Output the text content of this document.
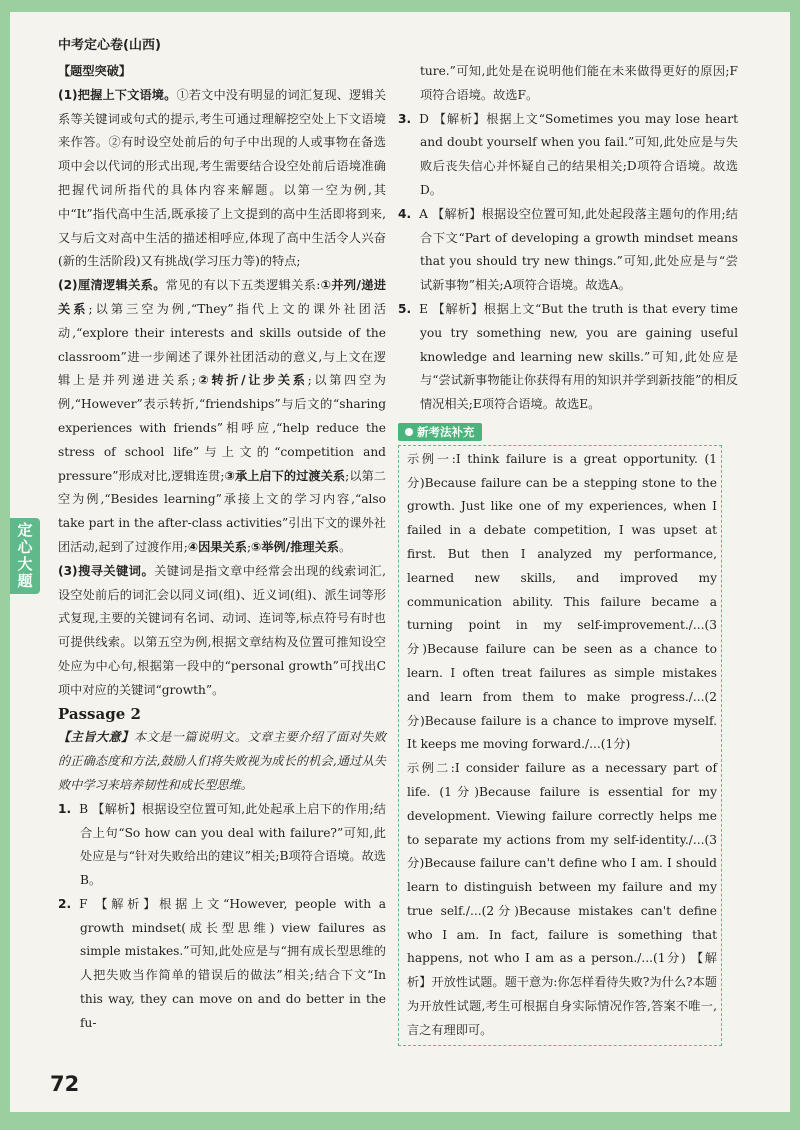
定心大题
中考定心卷(山西)

【题型突破】

(1)把握上下文语境。①若文中没有明显的词汇复现、逻辑关系等关键词或句式的提示,考生可通过理解挖空处上下文语境来作答。②有时设空处前后的句子中出现的人或事物在备选项中会以代词的形式出现,考生需要结合设空处前后语境准确把握代词所指代的具体内容来解题。以第一空为例,其中“It”指代高中生活,既承接了上文提到的高中生活即将到来,又与后文对高中生活的描述相呼应,体现了高中生活令人兴奋(新的生活阶段)又有挑战(学习压力等)的特点;

(2)厘清逻辑关系。常见的有以下五类逻辑关系:①并列/递进关系;以第三空为例,“They”指代上文的课外社团活动,“explore their interests and skills outside of the classroom”进一步阐述了课外社团活动的意义,与上文在逻辑上是并列递进关系;②转折/让步关系;以第四空为例,“However”表示转折,“friendships”与后文的“sharing experiences with friends”相呼应,“help reduce the stress of school life”与上文的“competition and pressure”形成对比,逻辑连贯;③承上启下的过渡关系;以第二空为例,“Besides learning”承接上文的学习内容,“also take part in the after-class activities”引出下文的课外社团活动,起到了过渡作用;④因果关系;⑤举例/推理关系。

(3)搜寻关键词。关键词是指文章中经常会出现的线索词汇,设空处前后的词汇会以同义词(组)、近义词(组)、派生词等形式复现,主要的关键词有名词、动词、连词等,标点符号有时也可提供线索。以第五空为例,根据文章结构及位置可推知设空处应为中心句,根据第一段中的“personal growth”可找出C项中对应的关键词“growth”。

Passage 2

【主旨大意】本文是一篇说明文。文章主要介绍了面对失败的正确态度和方法,鼓励人们将失败视为成长的机会,通过从失败中学习来培养韧性和成长型思维。

1. B 【解析】根据设空位置可知,此处起承上启下的作用;结合上句“So how can you deal with failure?”可知,此处应是与“针对失败给出的建议”相关;B项符合语境。故选B。

2. F 【解析】根据上文“However, people with a growth mindset(成长型思维) view failures as simple mistakes.”可知,此处应是与“拥有成长型思维的人把失败当作简单的错误后的做法”相关;结合下文“In this way, they can move on and do better in the fu-

ture.”可知,此处是在说明他们能在未来做得更好的原因;F项符合语境。故选F。

3. D 【解析】根据上文“Sometimes you may lose heart and doubt yourself when you fail.”可知,此处应是与失败后丧失信心并怀疑自己的结果相关;D项符合语境。故选D。

4. A 【解析】根据设空位置可知,此处起段落主题句的作用;结合下文“Part of developing a growth mindset means that you should try new things.”可知,此处应是与“尝试新事物”相关;A项符合语境。故选A。

5. E 【解析】根据上文“But the truth is that every time you try something new, you are gaining useful knowledge and learning new skills.”可知,此处应是与“尝试新事物能让你获得有用的知识并学到新技能”的相反情况相关;E项符合语境。故选E。

新考法补充

示例一:I think failure is a great opportunity. (1分)Because failure can be a stepping stone to the growth. Just like one of my experiences, when I failed in a debate competition, I was upset at first. But then I analyzed my performance, learned new skills, and improved my communication ability. This failure became a turning point in my self-improvement./...(3分)Because failure can be seen as a chance to learn. I often treat failures as simple mistakes and learn from them to make progress./...(2分)Because failure is a chance to improve myself. It keeps me moving forward./...(1分)

示例二:I consider failure as a necessary part of life. (1分)Because failure is essential for my development. Viewing failure correctly helps me to separate my actions from my self-identity./...(3分)Because failure can't define who I am. I should learn to distinguish between my failure and my true self./...(2分)Because mistakes can't define who I am. In fact, failure is something that happens, not who I am as a person./...(1分) 【解析】开放性试题。题干意为:你怎样看待失败?为什么?本题为开放性试题,考生可根据自身实际情况作答,答案不唯一,言之有理即可。

72
